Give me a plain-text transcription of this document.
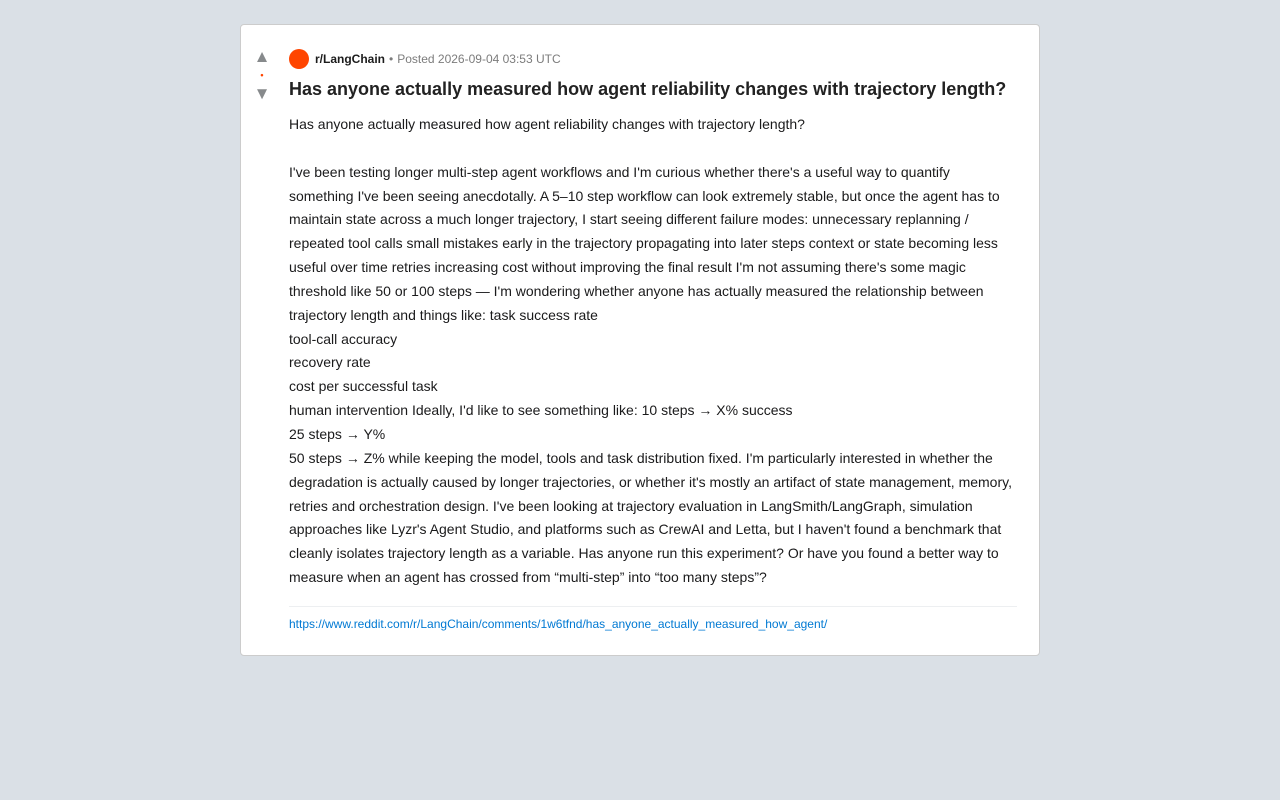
▲
•
▼
r/LangChain • Posted 2026-09-04 03:53 UTC
Has anyone actually measured how agent reliability changes with trajectory length?

Has anyone actually measured how agent reliability changes with trajectory length?

I've been testing longer multi-step agent workflows and I'm curious whether there's a useful way to quantify

something I've been seeing anecdotally. A 5–10 step workflow can look extremely stable, but once the agent has to

maintain state across a much longer trajectory, I start seeing different failure modes: unnecessary replanning /

repeated tool calls small mistakes early in the trajectory propagating into later steps context or state becoming less

useful over time retries increasing cost without improving the final result I'm not assuming there's some magic

threshold like 50 or 100 steps — I'm wondering whether anyone has actually measured the relationship between

trajectory length and things like: task success rate

tool-call accuracy

recovery rate

cost per successful task

human intervention Ideally, I'd like to see something like: 10 steps → X% success

25 steps → Y%

50 steps → Z% while keeping the model, tools and task distribution fixed. I'm particularly interested in whether the

degradation is actually caused by longer trajectories, or whether it's mostly an artifact of state management, memory,

retries and orchestration design. I've been looking at trajectory evaluation in LangSmith/LangGraph, simulation

approaches like Lyzr's Agent Studio, and platforms such as CrewAI and Letta, but I haven't found a benchmark that

cleanly isolates trajectory length as a variable. Has anyone run this experiment? Or have you found a better way to

measure when an agent has crossed from “multi-step” into “too many steps”?

https://www.reddit.com/r/LangChain/comments/1w6tfnd/has_anyone_actually_measured_how_agent/
